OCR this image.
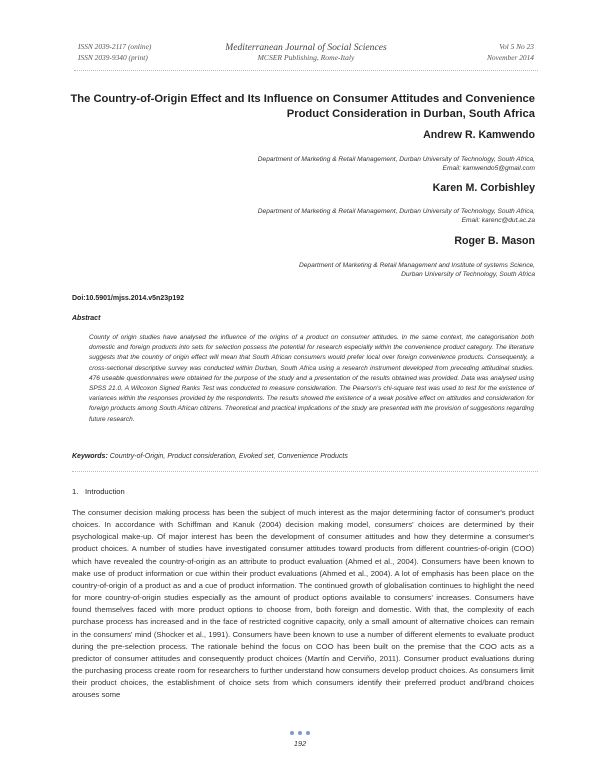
ISSN 2039-2117 (online)
ISSN 2039-9340 (print)
Mediterranean Journal of Social Sciences
MCSER Publishing, Rome-Italy
Vol 5 No 23
November 2014
The Country-of-Origin Effect and Its Influence on Consumer Attitudes and Convenience
Product Consideration in Durban, South Africa
Andrew R. Kamwendo
Department of Marketing & Retail Management, Durban University of Technology, South Africa,
Email: kamwendo5@gmail.com
Karen M. Corbishley
Department of Marketing & Retail Management, Durban University of Technology, South Africa,
Email: karenc@dut.ac.za
Roger B. Mason
Department of Marketing & Retail Management and Institute of systems Science,
Durban University of Technology, South Africa
Doi:10.5901/mjss.2014.v5n23p192
Abstract
County of origin studies have analysed the influence of the origins of a product on consumer attitudes. In the same context, the categorisation both domestic and foreign products into sets for selection possess the potential for research especially within the convenience product category. The literature suggests that the country of origin effect will mean that South African consumers would prefer local over foreign convenience products. Consequently, a cross-sectional descriptive survey was conducted within Durban, South Africa using a research instrument developed from preceding attitudinal studies. 476 useable questionnaires were obtained for the purpose of the study and a presentation of the results obtained was provided. Data was analysed using SPSS 21.0. A Wilcoxon Signed Ranks Test was conducted to measure consideration. The Pearson's chi-square test was used to test for the existence of variances within the responses provided by the respondents. The results showed the existence of a weak positive effect on attitudes and consideration for foreign products among South African citizens. Theoretical and practical implications of the study are presented with the provision of suggestions regarding future research.
Keywords: Country-of-Origin, Product consideration, Evoked set, Convenience Products
1. Introduction
The consumer decision making process has been the subject of much interest as the major determining factor of consumer's product choices. In accordance with Schiffman and Kanuk (2004) decision making model, consumers' choices are determined by their psychological make-up. Of major interest has been the development of consumer attitudes and how they determine a consumer's product choices. A number of studies have investigated consumer attitudes toward products from different countries-of-origin (COO) which have revealed the country-of-origin as an attribute to product evaluation (Ahmed et al., 2004). Consumers have been known to make use of product information or cue within their product evaluations (Ahmed et al., 2004). A lot of emphasis has been place on the country-of-origin of a product as and a cue of product information. The continued growth of globalisation continues to highlight the need for more country-of-origin studies especially as the amount of product options available to consumers' increases. Consumers have found themselves faced with more product options to choose from, both foreign and domestic. With that, the complexity of each purchase process has increased and in the face of restricted cognitive capacity, only a small amount of alternative choices can remain in the consumers' mind (Shocker et al., 1991). Consumers have been known to use a number of different elements to evaluate product during the pre-selection process. The rationale behind the focus on COO has been built on the premise that the COO acts as a predictor of consumer attitudes and consequently product choices (Martín and Cerviño, 2011). Consumer product evaluations during the purchasing process create room for researchers to further understand how consumers develop product choices. As consumers limit their product choices, the establishment of choice sets from which consumers identify their preferred product and/brand choices arouses some
192
